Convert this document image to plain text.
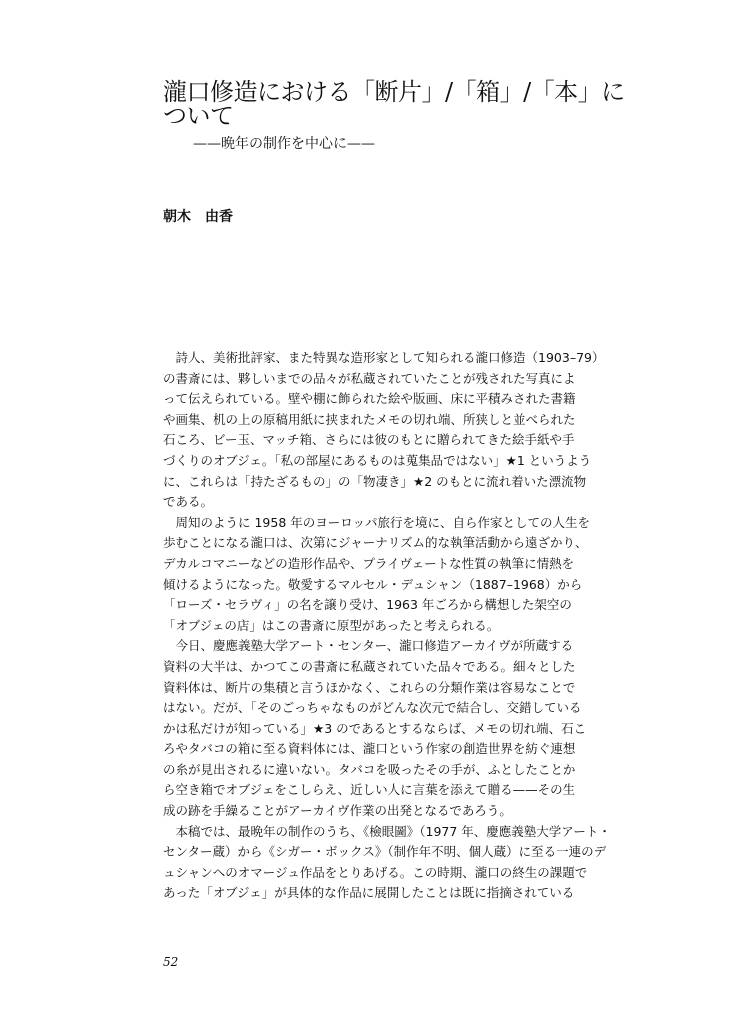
瀧口修造における「断片」/「箱」/「本」に
ついて
——晩年の制作を中心に——
朝木　由香
　詩人、美術批評家、また特異な造形家として知られる瀧口修造（1903–79）
の書斎には、夥しいまでの品々が私蔵されていたことが残された写真によ
って伝えられている。壁や棚に飾られた絵や版画、床に平積みされた書籍
や画集、机の上の原稿用紙に挟まれたメモの切れ端、所狭しと並べられた
石ころ、ビー玉、マッチ箱、さらには彼のもとに贈られてきた絵手紙や手
づくりのオブジェ。「私の部屋にあるものは蒐集品ではない」★1 というよう
に、これらは「持たざるもの」の「物凄き」★2 のもとに流れ着いた漂流物
である。
　周知のように 1958 年のヨーロッパ旅行を境に、自ら作家としての人生を
歩むことになる瀧口は、次第にジャーナリズム的な執筆活動から遠ざかり、
デカルコマニーなどの造形作品や、プライヴェートな性質の執筆に情熱を
傾けるようになった。敬愛するマルセル・デュシャン（1887–1968）から
「ローズ・セラヴィ」の名を譲り受け、1963 年ごろから構想した架空の
「オブジェの店」はこの書斎に原型があったと考えられる。
　今日、慶應義塾大学アート・センター、瀧口修造アーカイヴが所蔵する
資料の大半は、かつてこの書斎に私蔵されていた品々である。細々とした
資料体は、断片の集積と言うほかなく、これらの分類作業は容易なことで
はない。だが、「そのごっちゃなものがどんな次元で結合し、交錯している
かは私だけが知っている」★3 のであるとするならば、メモの切れ端、石こ
ろやタバコの箱に至る資料体には、瀧口という作家の創造世界を紡ぐ連想
の糸が見出されるに違いない。タバコを吸ったその手が、ふとしたことか
ら空き箱でオブジェをこしらえ、近しい人に言葉を添えて贈る——その生
成の跡を手繰ることがアーカイヴ作業の出発となるであろう。
　本稿では、最晩年の制作のうち、《檢眼圖》（1977 年、慶應義塾大学アート・
センター蔵）から《シガー・ボックス》（制作年不明、個人蔵）に至る一連のデ
ュシャンへのオマージュ作品をとりあげる。この時期、瀧口の終生の課題で
あった「オブジェ」が具体的な作品に展開したことは既に指摘されている
52
